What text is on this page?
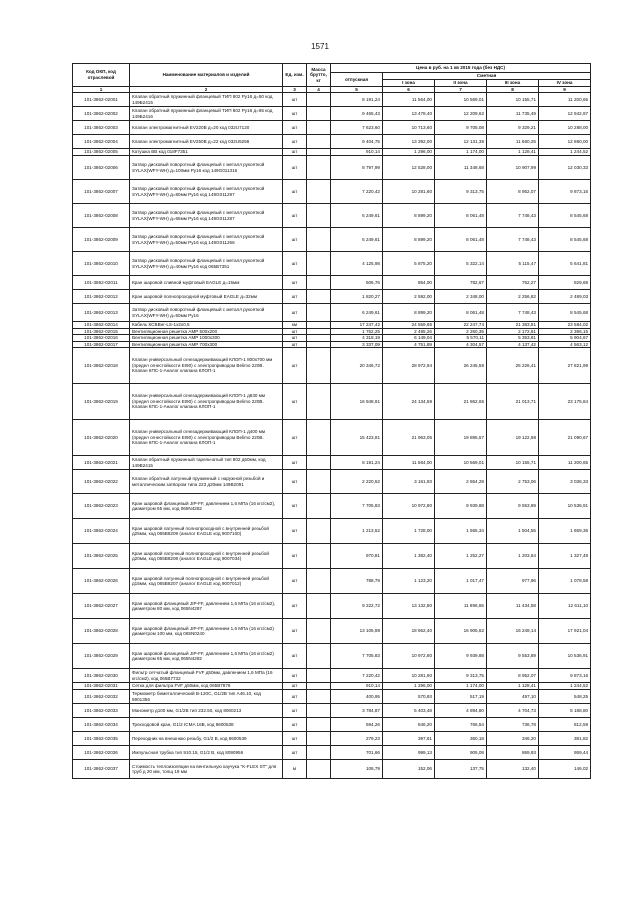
1571
Код ОКП, код отраслевой	Наименование материалов и изделий	Ед. изм.	Масса брутто, кг	Цена в руб. на 1 кв 2015 года (без НДС)				
				отпускная	Сметная			
					I зона	II зона	III зона	IV зона
1	2	3	4	5	6	7	8	9
101-3862-02001	Клапан обратный пружинный фланцевый ТИП 802 Ру16 д=50 код 149Б2415	шт		8 191,24	11 564,00	10 569,01	10 155,71	11 200,65
101-3862-02002	Клапан обратный пружинный фланцевый ТИП 802 Ру16 д=65 код 149Б2416	шт		9 465,43	13 478,40	12 209,62	11 735,49	12 942,97
101-3862-02003	Клапан электромагнитный EV220B д=20 код 032U7120	шт		7 623,60	10 713,60	9 705,08	9 329,21	10 288,00
101-3862-02004	Клапан электромагнитный EV250B д=22 код 032U5256	шт		9 404,75	13 392,00	12 131,35	11 660,25	12 860,00
101-3862-02005	Катушка BB код 018F7351	шт		910,14	1 296,00	1 174,00	1 128,41	1 244,52
101-3862-02006	Затвор дисковый поворотный фланцевый с металл рукояткой SYLAX(WFY-WH) д=100мм Ру16 код 149G011316	шт		8 797,99	12 528,00	11 348,68	10 907,99	12 030,33
101-3862-02007	Затвор дисковый поворотный фланцевый с металл рукояткой SYLAX(WFY-WH) д=80мм Ру16 код 149G011297	шт		7 220,42	10 281,60	9 313,75	8 952,07	9 873,16
101-3862-02008	Затвор дисковый поворотный фланцевый с металл рукояткой SYLAX(WFY-WH) д=65мм Ру16 код 149G011287	шт		6 249,61	8 899,20	8 061,48	7 748,43	8 545,68
101-3862-02009	Затвор дисковый поворотный фланцевый с металл рукояткой SYLAX(WFY-WH) д=50мм Ру16 код 149G011266	шт		6 249,61	8 899,20	8 061,48	7 748,43	8 545,68
101-3862-02010	Затвор дисковый поворотный фланцевый с металл рукояткой SYLAX(WFY-WH) д=40мм Ру16 код 065B7351	шт		4 125,98	5 875,20	5 322,14	5 115,47	5 641,81
101-3862-02011	Кран шаровой сливной муфтовый EAGLE д=15мм	шт		606,76	864,00	782,67	752,27	829,68
101-3862-02012	Кран шаровой полнопроходной муфтовый EAGLE д=32мм	шт		1 820,27	2 592,00	2 348,00	2 256,82	2 489,03
101-3862-02013	Затвор дисковый поворотный фланцевый с металл рукояткой SYLAX(WFY-WH) д=50мм Ру16	шт		6 249,61	8 899,20	8 061,48	7 748,43	8 545,68
101-3862-02014	Кабель КСВВнг-LS-1х2х0,5	км		17 247,42	24 559,65	22 247,74	21 383,81	23 584,02
101-3862-02015	Вентиляционная решетка AMP 500х200	шт		1 752,25	2 495,26	2 260,35	2 172,61	2 396,15
101-3862-02016	Вентиляционная решетка AMP 1000х300	шт		4 318,19	6 149,04	5 570,11	5 353,81	5 904,67
101-3862-02017	Вентиляционная решетка AMP 700х300	шт		3 337,09	4 751,89	4 304,57	4 137,42	4 563,12
101-3862-02018	Клапан универсальный огнезадерживающий КЛОП-1 800х700 мм (предел огнестойкости EI90) с электроприводом Belimo 220В. Клапан КПС-1-Аналог клапана КЛОП-1	шт		20 346,72	28 972,94	26 245,58	25 226,41	27 821,99
101-3862-02019	Клапан универсальный огнезадерживающий КЛОП-1 д630 мм (предел огнестойкости EI90) с электроприводом Belimo 220В. Клапан КПС-1-Аналог клапана КЛОП-1	шт		16 948,91	24 134,59	21 862,65	21 013,71	23 175,84
101-3862-02020	Клапан универсальный огнезадерживающий КЛОП-1 д400 мм (предел огнестойкости EI90) с электроприводом Belimo 220В. Клапан КПС-1-Аналог клапана КЛОП-1	шт		15 423,81	21 963,05	19 895,57	19 122,98	21 090,67
101-3862-02021	Клапан обратный пружинный тарельчатый тип 802 д50мм, код 149B2415	шт		8 191,24	11 564,00	10 569,01	10 155,71	11 200,65
101-3862-02022	Клапан обратный латунный пружинный с наружной резьбой и металлическим затвором типа 223 д20мм 149B2091	шт		2 220,52	3 161,93	2 864,29	2 753,06	3 036,33
101-3862-02023	Кран шаровой фланцевый JIP-FF, давлением 1,6 МПа (16 кгс/см2), диаметром 65 мм, код 065N4282	шт		7 705,83	10 972,80	9 939,88	9 553,89	10 536,91
101-3862-02024	Кран шаровой латунный полнопроходной с внутренней резьбой д25мм, код 065B8209 (аналог EAGLE код 9007100)	шт		1 213,52	1 728,00	1 565,34	1 504,55	1 659,36
101-3862-02025	Кран шаровой латунный полнопроходной с внутренней резьбой д20мм, код 065B8208 (аналог EAGLE код 9007034)	шт		970,81	1 382,40	1 252,27	1 203,64	1 327,48
101-3862-02026	Кран шаровой латунный полнопроходной с внутренней резьбой д15мм, код 065B8207 (аналог EAGLE код 9007012)	шт		788,79	1 123,20	1 017,47	977,96	1 078,58
101-3862-02027	Кран шаровой фланцевый JIP-FF, давлением 1,6 МПа (16 кгс/см2), диаметром 80 мм, код 065N4287	шт		9 222,72	13 132,80	11 896,55	11 434,58	12 611,10
101-3862-02028	Кран шаровой фланцевый JIP-FF, давлением 1,6 МПа (16 кгс/см2) диаметром 100 мм, код 065N0240	шт		13 105,98	18 662,40	16 905,62	16 249,14	17 921,04
101-3862-02029	Кран шаровой фланцевый JIP-FF, давлением 1,6 МПа (16 кгс/см2) диаметром 65 мм, код 065N4282	шт		7 705,83	10 972,80	9 939,88	9 553,89	10 536,91
101-3862-02030	Фильтр сетчатый фланцевый FVF д50мм, давлением 1,6 МПа (16 кгс/см2), код 065B7732	шт		7 220,42	10 281,60	9 313,75	8 952,07	9 873,16
101-3862-02031	Сетка для фильтра FVF д50мм, код 065B7876	шт		910,14	1 296,00	1 174,00	1 128,41	1 244,52
101-3862-02032	Термометр биметаллический В-120С, G1/2В тип А46.10, код 5901356	шт		400,95	570,93	517,19	497,10	548,25
101-3862-02033	Манометр д100 мм, G1/2В тип 232.50, код 8060213	шт		3 784,87	5 403,48	4 894,80	4 704,73	5 188,80
101-3862-02034	Трехходовой кран, G1/2 ICMA 16B, код 8600538	шт		594,26	846,20	766,54	736,78	812,59
101-3862-02035	Переходник на внешнюю резьбу, G1/2 В, код 8600539	шт		279,23	397,61	360,18	346,20	381,82
101-3862-02036	Импульсная трубка тип 910.15, G1/2 В, код 8090956	шт		701,66	999,13	905,08	869,93	959,44
101-3862-02037	Стоимость теплоизоляции на вентильную каучука "K-FLEX ST" для труб д 20 мм, толщ 19 мм	м		106,79	152,06	137,75	132,40	146,02
